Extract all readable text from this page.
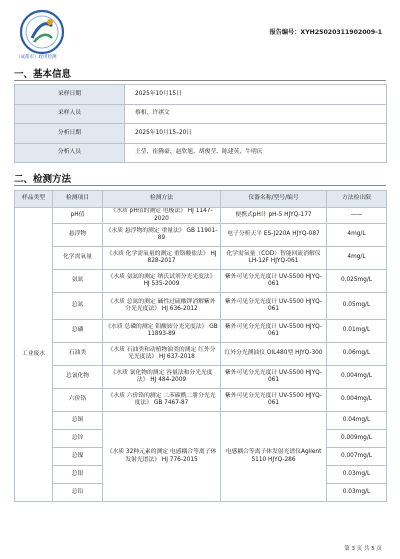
（成都市）政用检测
报告编号：XYH25020311902009-1
一、基本信息
采样日期	2025年10月15日
采样人员	蔡相、许祺文
分析日期	2025年10月15–20日
分析人员	王莹、崔腾豪、赵欣旭、胡俊莹、陈建英、牛明庆
二、检测方法
样品类型	检测项目	检测方法	仪器名称/型号/编号	方法检出限
工业废水	pH值	《水质 pH值的测定 电极法》 HJ 1147-2020	便携式pH计 pH-5 HJYQ-177	——
	悬浮物	《水质 悬浮物的测定 重量法》 GB 11901-89	电子分析天平 ES-J220A HJYQ-087	4mg/L
	化学需氧量	《水质 化学需氧量的测定 重铬酸盐法》 HJ 828-2017	化学需氧量（COD）智能回流消解仪LH-12F HJYQ-061	4mg/L
	氨氮	《水质 氨氮的测定 纳氏试剂分光光度法》 HJ 535-2009	紫外可见分光光度计 UV-5500 HJYQ-061	0.025mg/L
	总氮	《水质 总氮的测定 碱性过硫酸钾消解紫外分光光度法》 HJ 636-2012	紫外可见分光光度计 UV-5500 HJYQ-061	0.05mg/L
	总磷	《水质 总磷的测定 钼酸铵分光光度法》 GB 11893-89	紫外可见分光光度计 UV-5500 HJYQ-061	0.01mg/L
	石油类	《水质 石油类和动植物油类的测定 红外分光光度法》 HJ 637-2018	红外分光测油仪 OIL480型 HJYQ-300	0.06mg/L
	总氰化物	《水质 氰化物的测定 容量法和分光光度法》 HJ 484-2009	紫外可见分光光度计 UV-5500 HJYQ-061	0.004mg/L
	六价铬	《水质 六价铬的测定 二苯碳酰二肼分光光度法》 GB 7467-87	紫外可见分光光度计 UV-5500 HJYQ-061	0.004mg/L
	总铜	《水质 32种元素的测定 电感耦合等离子体发射光谱法》 HJ 776-2015	电感耦合等离子体发射光谱仪Agilent 5110 HJYQ-286	0.04mg/L
	总锌			0.009mg/L
	总镍			0.007mg/L
	总银			0.03mg/L
	总铅			0.03mg/L
第 3 页 共 5 页
